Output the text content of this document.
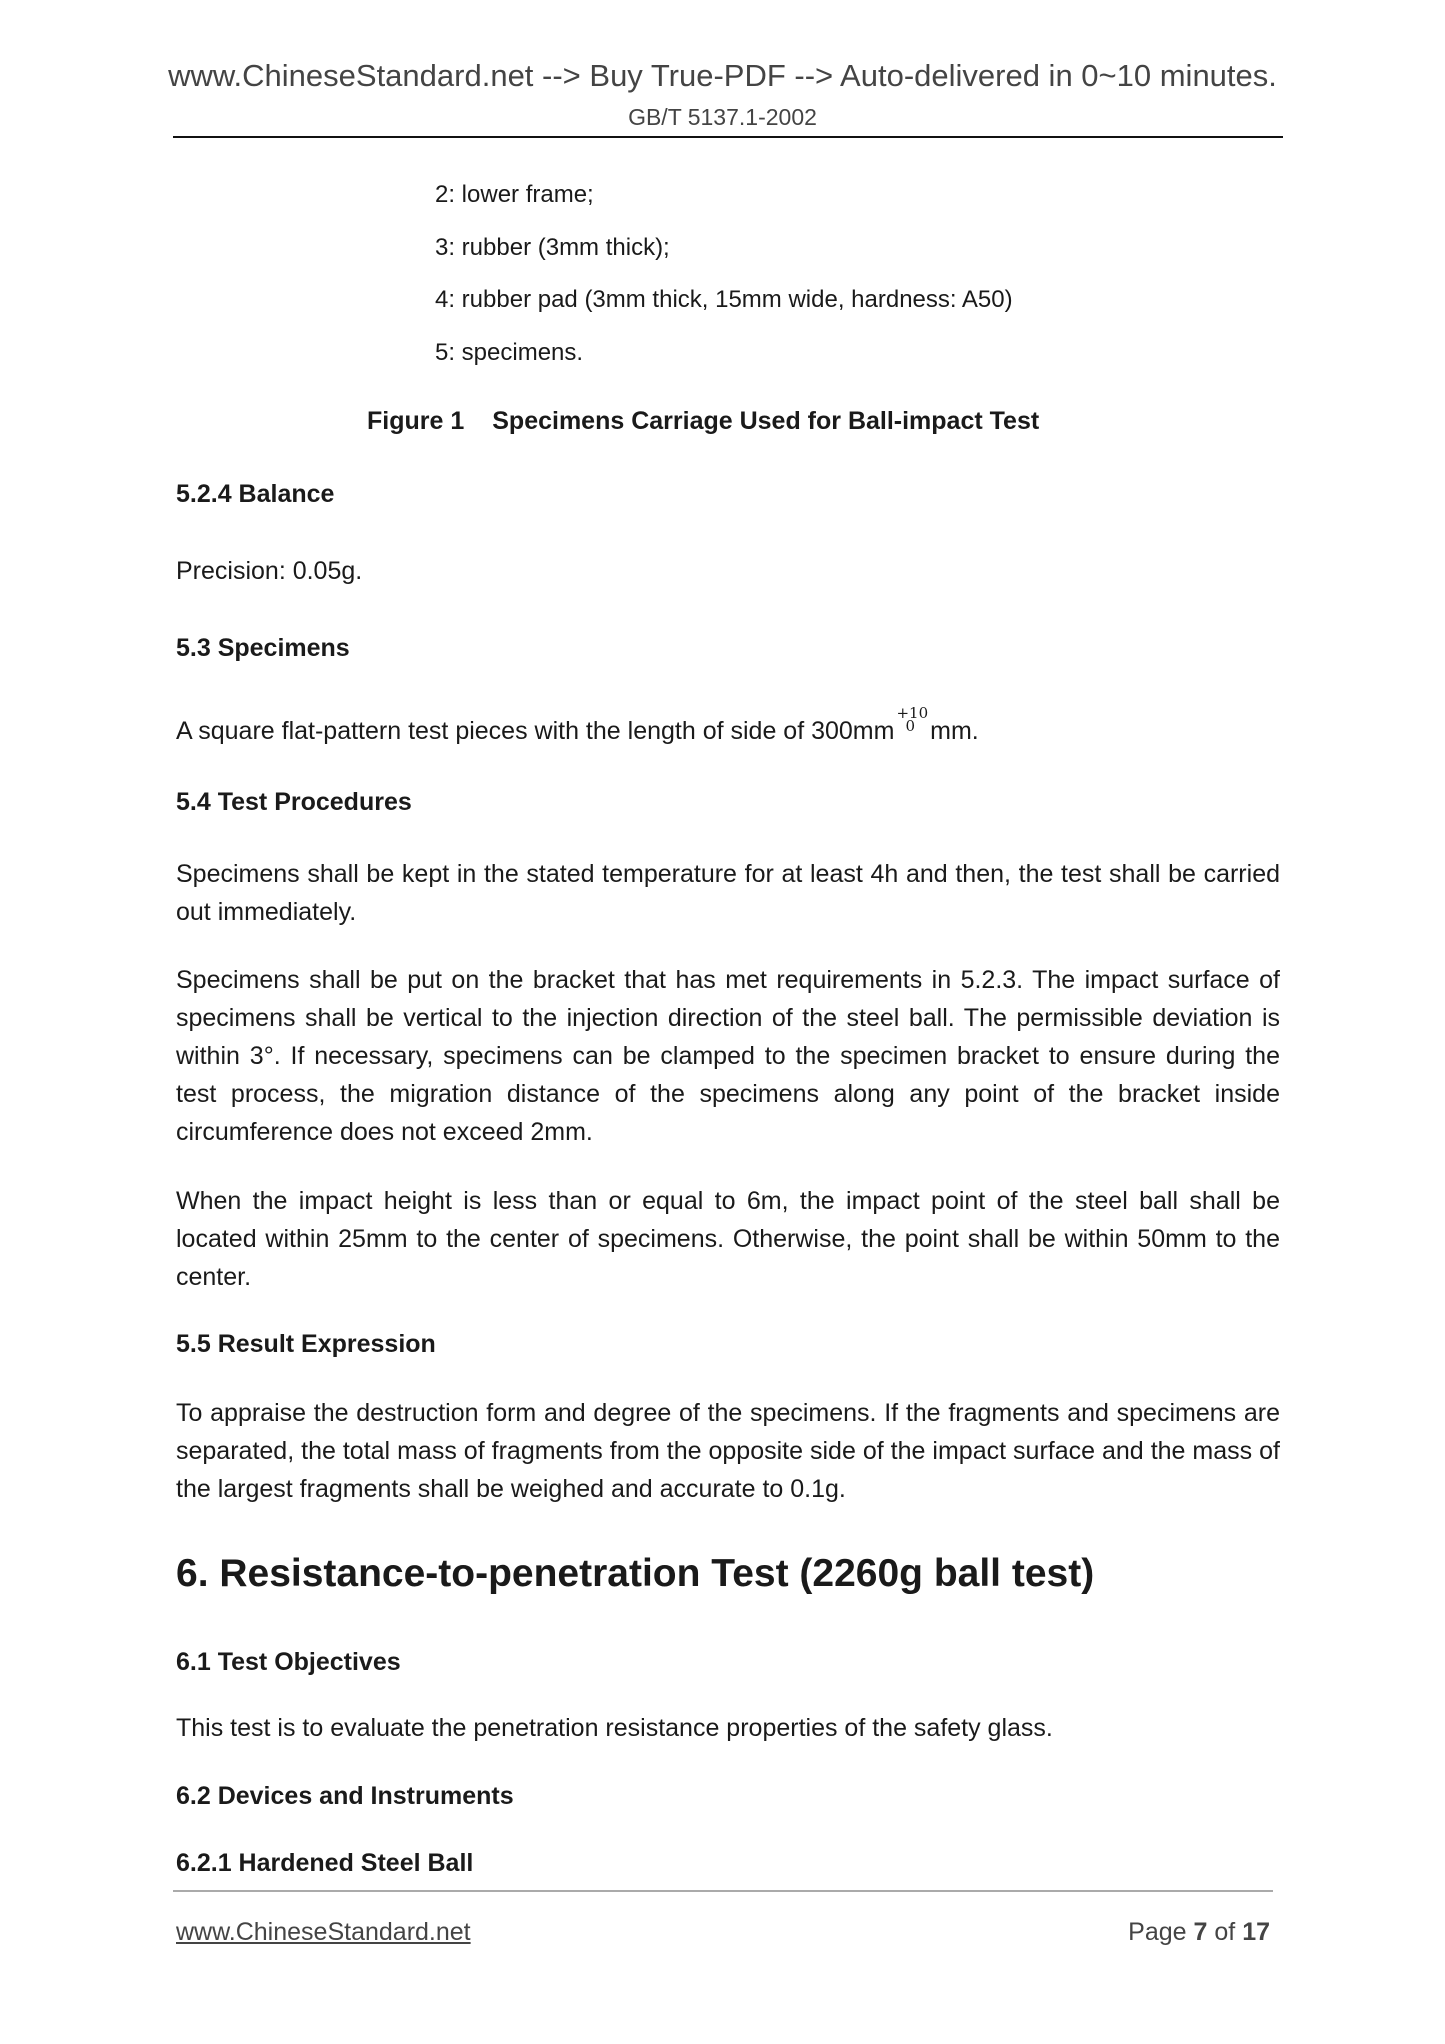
www.ChineseStandard.net --> Buy True-PDF --> Auto-delivered in 0~10 minutes.
GB/T 5137.1-2002
2: lower frame;
3: rubber (3mm thick);
4: rubber pad (3mm thick, 15mm wide, hardness: A50)
5: specimens.
Figure 1 Specimens Carriage Used for Ball-impact Test
5.2.4 Balance
Precision: 0.05g.
5.3 Specimens
A square flat-pattern test pieces with the length of side of $300mm^{+10 0}$ mm.
5.4 Test Procedures
Specimens shall be kept in the stated temperature for at least 4h and then, the test shall be carried out immediately.
Specimens shall be put on the bracket that has met requirements in 5.2.3. The impact surface of specimens shall be vertical to the injection direction of the steel ball. The permissible deviation is within 3°. If necessary, specimens can be clamped to the specimen bracket to ensure during the test process, the migration distance of the specimens along any point of the bracket inside circumference does not exceed 2mm.
When the impact height is less than or equal to 6m, the impact point of the steel ball shall be located within 25mm to the center of specimens. Otherwise, the point shall be within 50mm to the center.
5.5 Result Expression
To appraise the destruction form and degree of the specimens. If the fragments and specimens are separated, the total mass of fragments from the opposite side of the impact surface and the mass of the largest fragments shall be weighed and accurate to 0.1g.
6. Resistance-to-penetration Test (2260g ball test)
6.1 Test Objectives
This test is to evaluate the penetration resistance properties of the safety glass.
6.2 Devices and Instruments
6.2.1 Hardened Steel Ball
www.ChineseStandard.net	Page 7 of 17
